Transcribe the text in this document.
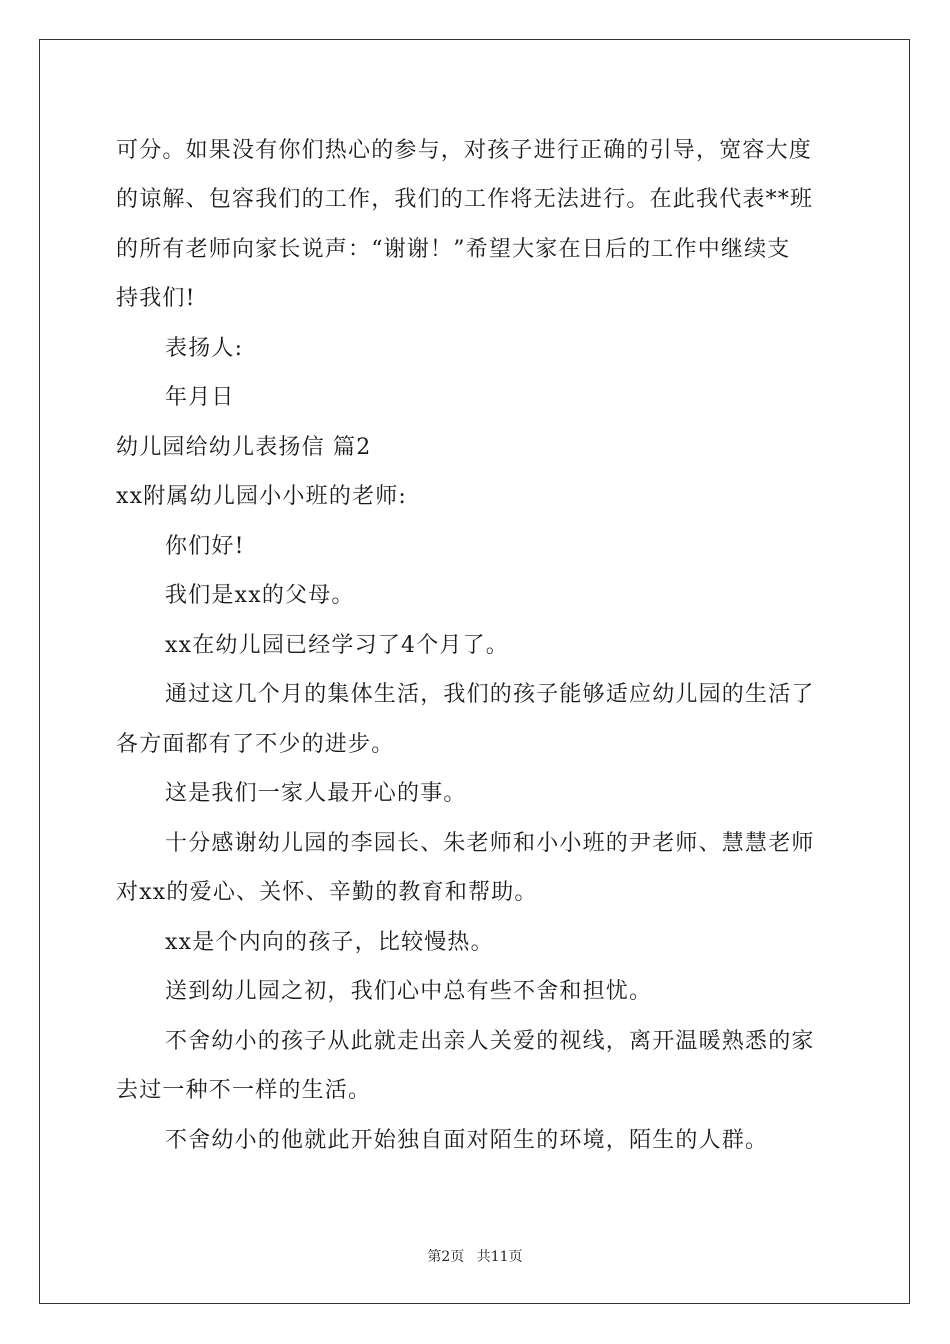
可分。如果没有你们热心的参与，对孩子进行正确的引导，宽容大度

的谅解、包容我们的工作，我们的工作将无法进行。在此我代表**班

的所有老师向家长说声：“谢谢！”希望大家在日后的工作中继续支

持我们!

表扬人:

年月日

幼儿园给幼儿表扬信 篇2

xx附属幼儿园小小班的老师:

你们好!

我们是xx的父母。

xx在幼儿园已经学习了4个月了。

通过这几个月的集体生活，我们的孩子能够适应幼儿园的生活了

各方面都有了不少的进步。

这是我们一家人最开心的事。

十分感谢幼儿园的李园长、朱老师和小小班的尹老师、慧慧老师

对xx的爱心、关怀、辛勤的教育和帮助。

xx是个内向的孩子，比较慢热。

送到幼儿园之初，我们心中总有些不舍和担忧。

不舍幼小的孩子从此就走出亲人关爱的视线，离开温暖熟悉的家

去过一种不一样的生活。

不舍幼小的他就此开始独自面对陌生的环境，陌生的人群。

第2页 共11页
